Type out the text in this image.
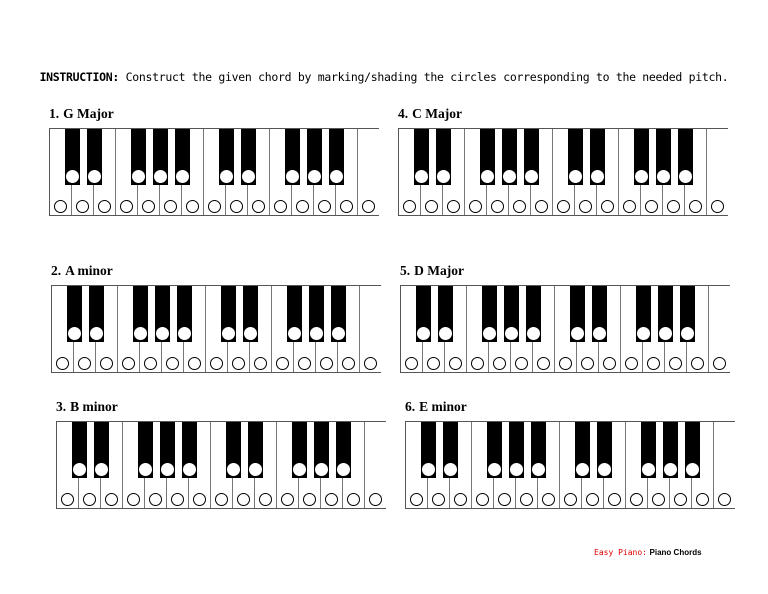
INSTRUCTION: Construct the given chord by marking/shading the circles corresponding to the needed pitch.
1. G Major	4. C Major
2. A minor	5. D Major
3. B minor	6. E minor
Easy Piano: Piano Chords
